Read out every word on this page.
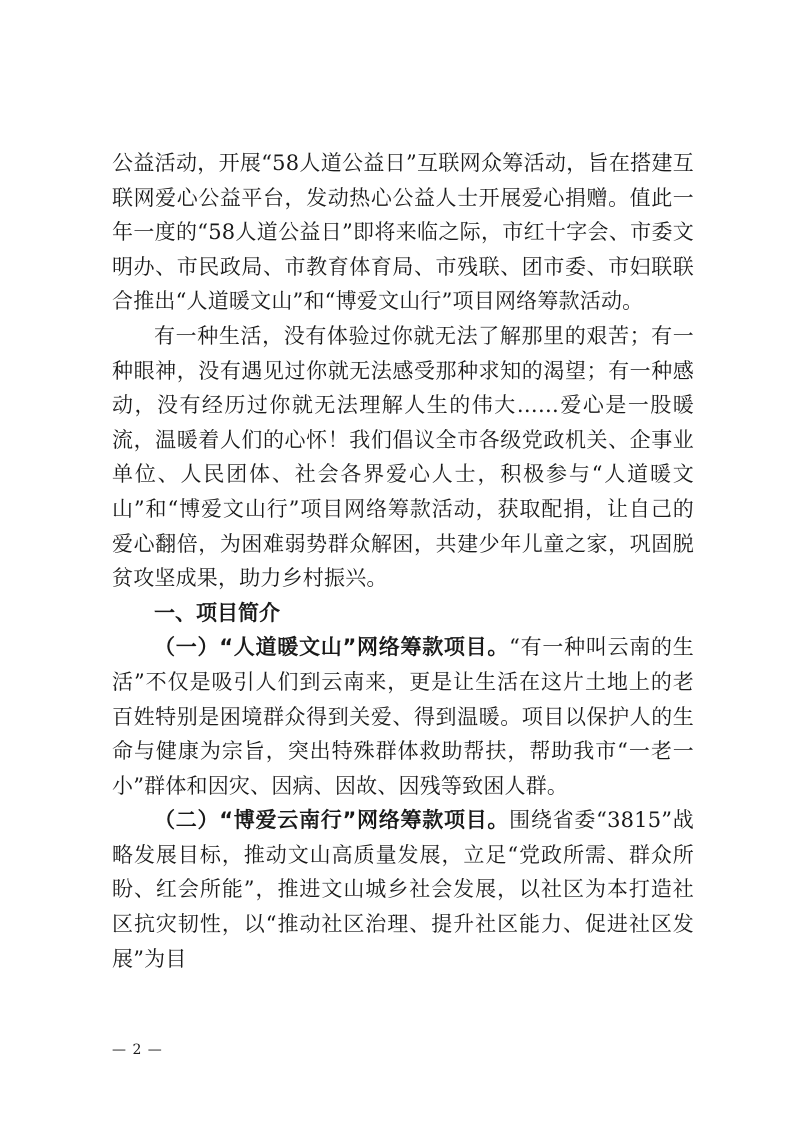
公益活动，开展“58人道公益日”互联网众筹活动，旨在搭建互联网爱心公益平台，发动热心公益人士开展爱心捐赠。值此一年一度的“58人道公益日”即将来临之际，市红十字会、市委文明办、市民政局、市教育体育局、市残联、团市委、市妇联联合推出“人道暖文山”和“博爱文山行”项目网络筹款活动。

有一种生活，没有体验过你就无法了解那里的艰苦；有一种眼神，没有遇见过你就无法感受那种求知的渴望；有一种感动，没有经历过你就无法理解人生的伟大……爱心是一股暖流，温暖着人们的心怀！我们倡议全市各级党政机关、企事业单位、人民团体、社会各界爱心人士，积极参与“人道暖文山”和“博爱文山行”项目网络筹款活动，获取配捐，让自己的爱心翻倍，为困难弱势群众解困，共建少年儿童之家，巩固脱贫攻坚成果，助力乡村振兴。

一、项目简介

（一）“人道暖文山”网络筹款项目。“有一种叫云南的生活”不仅是吸引人们到云南来，更是让生活在这片土地上的老百姓特别是困境群众得到关爱、得到温暖。项目以保护人的生命与健康为宗旨，突出特殊群体救助帮扶，帮助我市“一老一小”群体和因灾、因病、因故、因残等致困人群。

（二）“博爱云南行”网络筹款项目。围绕省委“3815”战略发展目标，推动文山高质量发展，立足“党政所需、群众所盼、红会所能”，推进文山城乡社会发展，以社区为本打造社区抗灾韧性，以“推动社区治理、提升社区能力、促进社区发展”为目

— 2 —
